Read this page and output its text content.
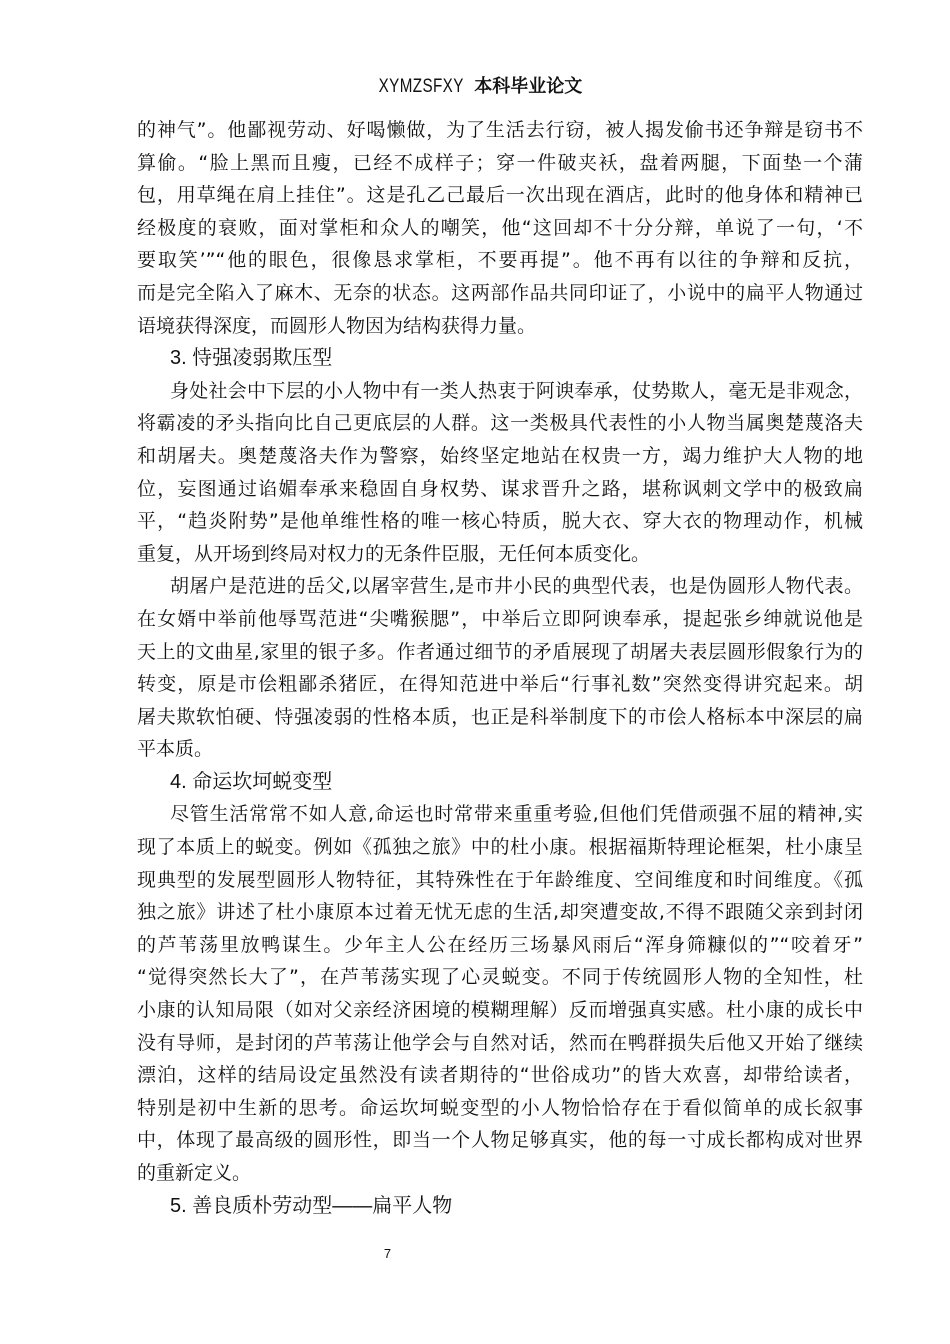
XYMZSFXY 本科毕业论文
的神气”。他鄙视劳动、好喝懒做，为了生活去行窃，被人揭发偷书还争辩是窃书不
算偷。“脸上黑而且瘦，已经不成样子；穿一件破夹袄，盘着两腿，下面垫一个蒲
包，用草绳在肩上挂住”。这是孔乙己最后一次出现在酒店，此时的他身体和精神已
经极度的衰败，面对掌柜和众人的嘲笑，他“这回却不十分分辩，单说了一句，‘不
要取笑’”“他的眼色，很像恳求掌柜，不要再提”。他不再有以往的争辩和反抗，
而是完全陷入了麻木、无奈的状态。这两部作品共同印证了，小说中的扁平人物通过
语境获得深度，而圆形人物因为结构获得力量。
3. 恃强凌弱欺压型
身处社会中下层的小人物中有一类人热衷于阿谀奉承，仗势欺人，毫无是非观念，
将霸凌的矛头指向比自己更底层的人群。这一类极具代表性的小人物当属奥楚蔑洛夫
和胡屠夫。奥楚蔑洛夫作为警察，始终坚定地站在权贵一方，竭力维护大人物的地
位，妄图通过谄媚奉承来稳固自身权势、谋求晋升之路，堪称讽刺文学中的极致扁
平，“趋炎附势”是他单维性格的唯一核心特质，脱大衣、穿大衣的物理动作，机械
重复，从开场到终局对权力的无条件臣服，无任何本质变化。
胡屠户是范进的岳父,以屠宰营生,是市井小民的典型代表，也是伪圆形人物代表。
在女婿中举前他辱骂范进“尖嘴猴腮”，中举后立即阿谀奉承，提起张乡绅就说他是
天上的文曲星,家里的银子多。作者通过细节的矛盾展现了胡屠夫表层圆形假象行为的
转变，原是市侩粗鄙杀猪匠，在得知范进中举后“行事礼数”突然变得讲究起来。胡
屠夫欺软怕硬、恃强凌弱的性格本质，也正是科举制度下的市侩人格标本中深层的扁
平本质。
4. 命运坎坷蜕变型
尽管生活常常不如人意,命运也时常带来重重考验,但他们凭借顽强不屈的精神,实
现了本质上的蜕变。例如《孤独之旅》中的杜小康。根据福斯特理论框架，杜小康呈
现典型的发展型圆形人物特征，其特殊性在于年龄维度、空间维度和时间维度。《孤
独之旅》讲述了杜小康原本过着无忧无虑的生活,却突遭变故,不得不跟随父亲到封闭
的芦苇荡里放鸭谋生。少年主人公在经历三场暴风雨后“浑身筛糠似的”“咬着牙”
“觉得突然长大了”，在芦苇荡实现了心灵蜕变。不同于传统圆形人物的全知性，杜
小康的认知局限（如对父亲经济困境的模糊理解）反而增强真实感。杜小康的成长中
没有导师，是封闭的芦苇荡让他学会与自然对话，然而在鸭群损失后他又开始了继续
漂泊，这样的结局设定虽然没有读者期待的“世俗成功”的皆大欢喜，却带给读者，
特别是初中生新的思考。命运坎坷蜕变型的小人物恰恰存在于看似简单的成长叙事
中，体现了最高级的圆形性，即当一个人物足够真实，他的每一寸成长都构成对世界
的重新定义。
5. 善良质朴劳动型——扁平人物
7
